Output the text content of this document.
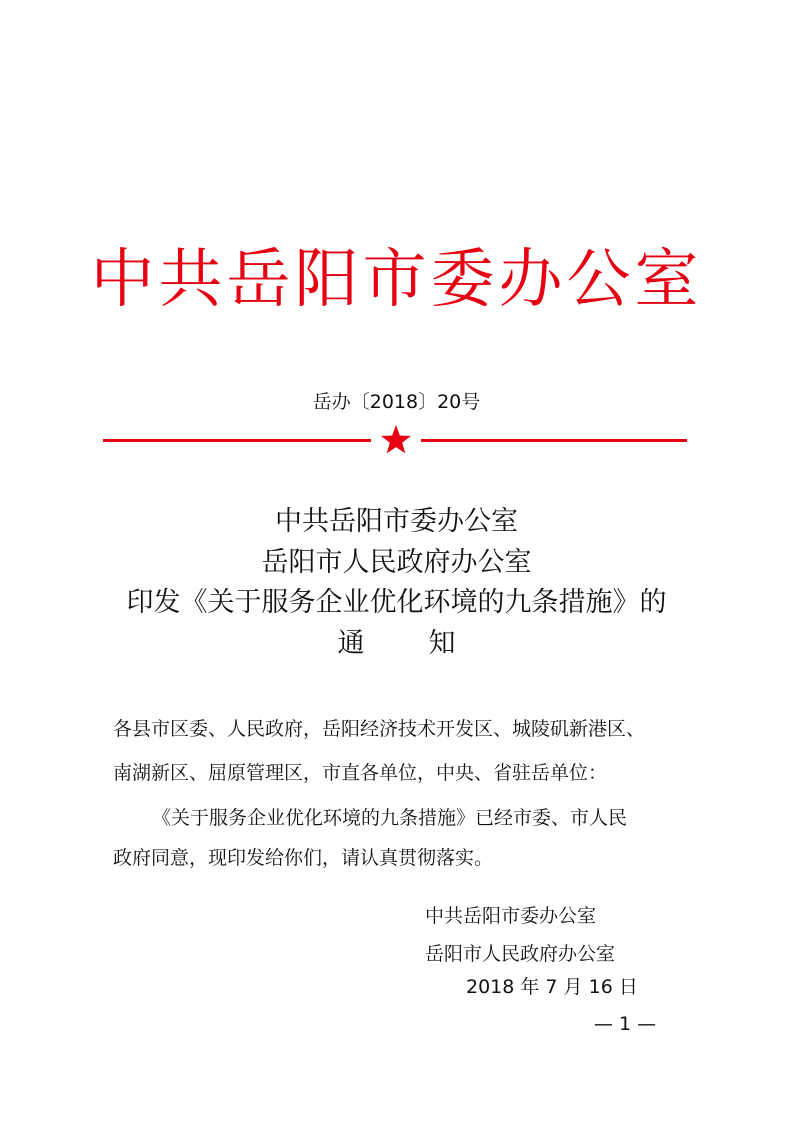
中共岳阳市委办公室
岳办〔2018〕20号
中共岳阳市委办公室
岳阳市人民政府办公室
印发《关于服务企业优化环境的九条措施》的
通 知
各县市区委、人民政府，岳阳经济技术开发区、城陵矶新港区、
南湖新区、屈原管理区，市直各单位，中央、省驻岳单位：
《关于服务企业优化环境的九条措施》已经市委、市人民
政府同意，现印发给你们，请认真贯彻落实。
中共岳阳市委办公室
岳阳市人民政府办公室
2018 年 7 月 16 日
— 1 —
